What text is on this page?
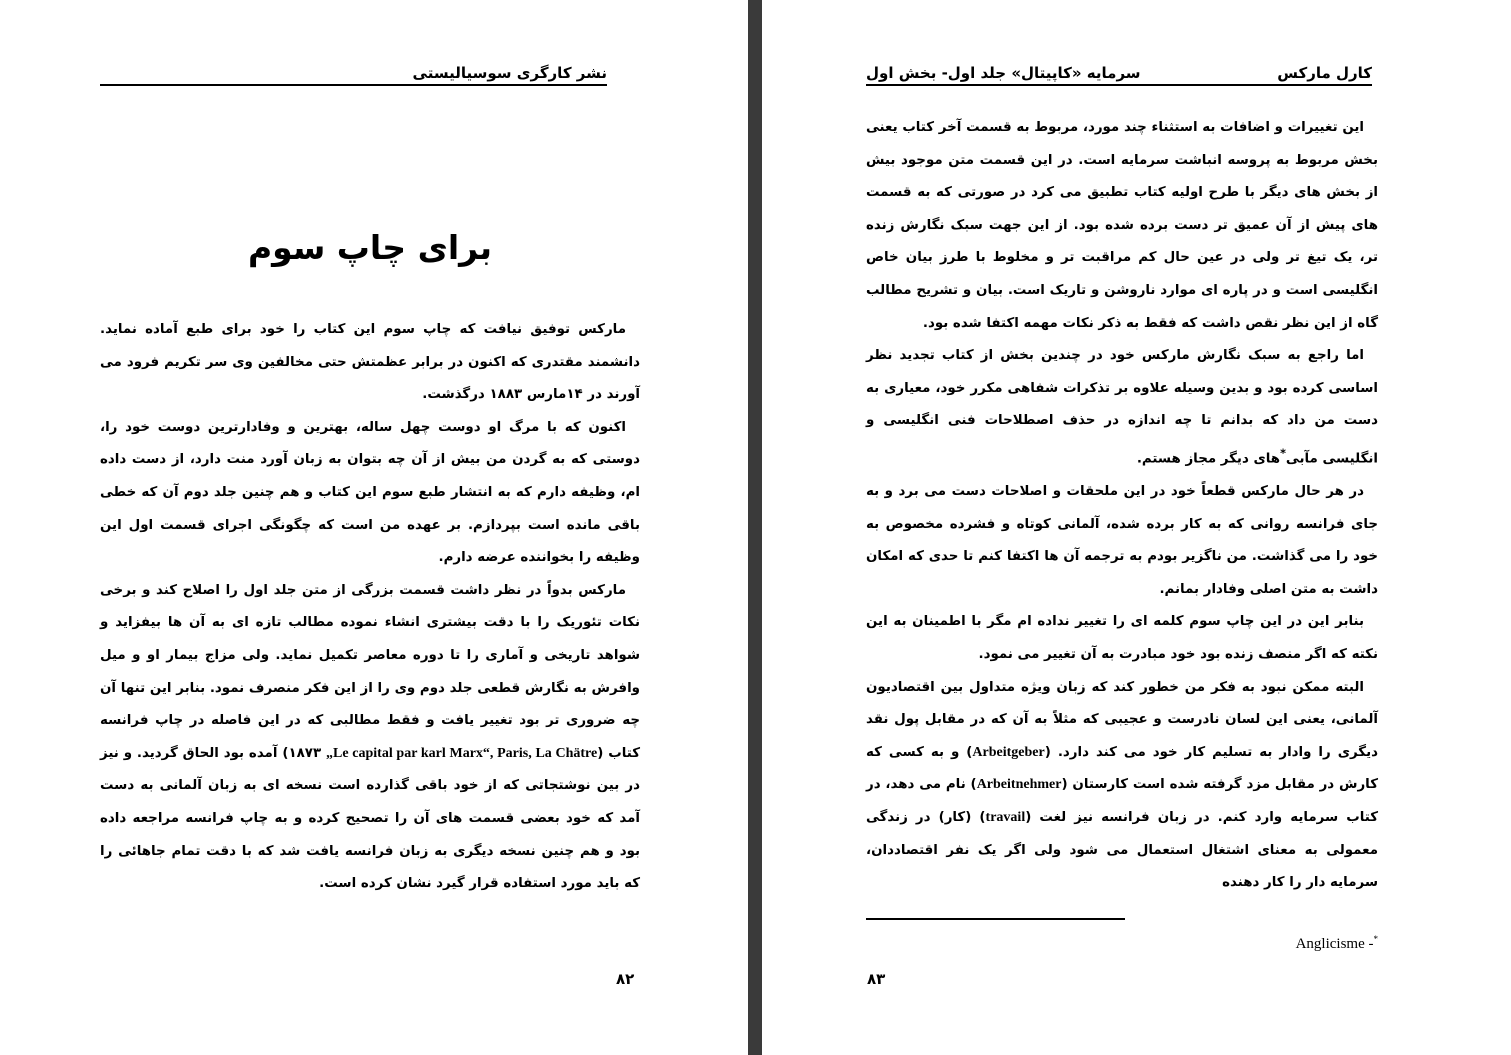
نشر کارگری سوسیالیستی
برای چاپ سوم

مارکس توفیق نیافت که چاپ سوم این کتاب را خود برای طبع آماده نماید. دانشمند مقتدری که اکنون در برابر عظمتش حتی مخالفین وی سر تکریم فرود می آورند در ۱۴مارس ۱۸۸۳ درگذشت.

اکنون که با مرگ او دوست چهل ساله، بهترین و وفادارترین دوست خود را، دوستی که به گردن من بیش از آن چه بتوان به زبان آورد منت دارد، از دست داده ام، وظیفه دارم که به انتشار طبع سوم این کتاب و هم چنین جلد دوم آن که خطی باقی مانده است بپردازم. بر عهده من است که چگونگی اجرای قسمت اول این وظیفه را بخواننده عرضه دارم.

مارکس بدواً در نظر داشت قسمت بزرگی از متن جلد اول را اصلاح کند و برخی نکات تئوریک را با دقت بیشتری انشاء نموده مطالب تازه ای به آن ها بیفزاید و شواهد تاریخی و آماری را تا دوره معاصر تکمیل نماید. ولی مزاج بیمار او و میل وافرش به نگارش قطعی جلد دوم وی را از این فکر منصرف نمود. بنابر این تنها آن چه ضروری تر بود تغییر یافت و فقط مطالبی که در این فاصله در چاپ فرانسه کتاب („Le capital par karl Marx“, Paris, La Chätre ۱۸۷۳) آمده بود الحاق گردید. و نیز در بین نوشتجاتی که از خود باقی گذارده است نسخه ای به زبان آلمانی به دست آمد که خود بعضی قسمت های آن را تصحیح کرده و به چاپ فرانسه مراجعه داده بود و هم چنین نسخه دیگری به زبان فرانسه یافت شد که با دقت تمام جاهائی را که باید مورد استفاده قرار گیرد نشان کرده است.

۸۲
کارل مارکس
سرمایه «کاپیتال» جلد اول- بخش اول

این تغییرات و اضافات به استثناء چند مورد، مربوط به قسمت آخر کتاب یعنی بخش مربوط به پروسه انباشت سرمایه است. در این قسمت متن موجود بیش از بخش های دیگر با طرح اولیه کتاب تطبیق می کرد در صورتی که به قسمت های پیش از آن عمیق تر دست برده شده بود. از این جهت سبک نگارش زنده تر، یک تیغ تر ولی در عین حال کم مراقبت تر و مخلوط با طرز بیان خاص انگلیسی است و در پاره ای موارد ناروشن و تاریک است. بیان و تشریح مطالب گاه از این نظر نقص داشت که فقط به ذکر نکات مهمه اکتفا شده بود.

اما راجع به سبک نگارش مارکس خود در چندین بخش از کتاب تجدید نظر اساسی کرده بود و بدین وسیله علاوه بر تذکرات شفاهی مکرر خود، معیاری به دست من داد که بدانم تا چه اندازه در حذف اصطلاحات فنی انگلیسی و انگلیسی مآبی*های دیگر مجاز هستم.

در هر حال مارکس قطعاً خود در این ملحقات و اصلاحات دست می برد و به جای فرانسه روانی که به کار برده شده، آلمانی کوتاه و فشرده مخصوص به خود را می گذاشت. من ناگزیر بودم به ترجمه آن ها اکتفا کنم تا حدی که امکان داشت به متن اصلی وفادار بمانم.

بنابر این در این چاپ سوم کلمه ای را تغییر نداده ام مگر با اطمینان به این نکته که اگر منصف زنده بود خود مبادرت به آن تغییر می نمود.

البته ممکن نبود به فکر من خطور کند که زبان ویژه متداول بین اقتصادیون آلمانی، یعنی این لسان نادرست و عجیبی که مثلاً به آن که در مقابل پول نقد دیگری را وادار به تسلیم کار خود می کند دارد. (Arbeitgeber) و به کسی که کارش در مقابل مزد گرفته شده است کارستان (Arbeitnehmer) نام می دهد، در کتاب سرمایه وارد کنم. در زبان فرانسه نیز لغت (travail) (کار) در زندگی معمولی به معنای اشتغال استعمال می شود ولی اگر یک نفر اقتصاددان، سرمایه دار را کار دهنده

Anglicisme -*
۸۳
